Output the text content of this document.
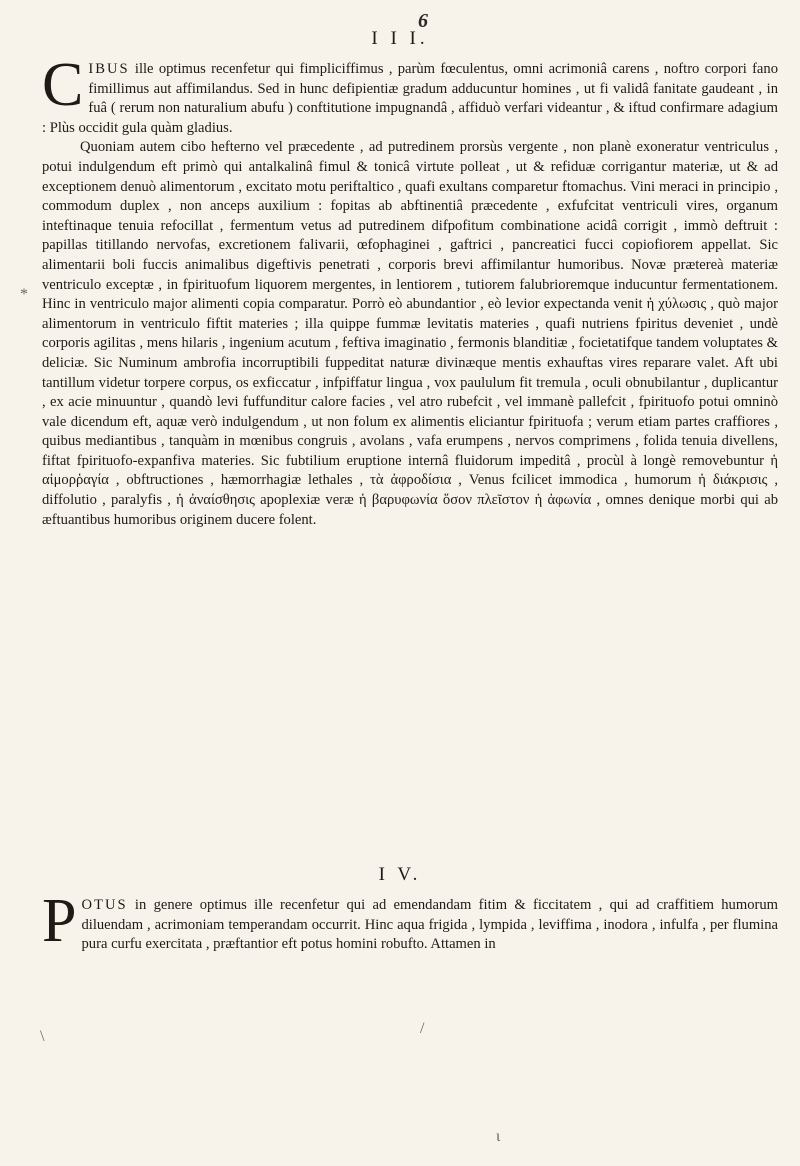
6
I I I.

CIBUS ille optimus recenfetur qui fimpliciffimus , parùm fœculentus, omni acrimoniâ carens , noftro corpori fano fimillimus aut affimilandus. Sed in hunc defipientiæ gradum adducuntur homines , ut fi validâ fanitate gaudeant , in fuâ ( rerum non naturalium abufu ) conftitutione impugnandâ , affiduò verfari videantur , & iftud confirmare adagium : Plùs occidit gula quàm gladius.

Quoniam autem cibo hefterno vel præcedente , ad putredinem prorsùs vergente , non planè exoneratur ventriculus , potui indulgendum eft primò qui antalkalinâ fimul & tonicâ virtute polleat , ut & refiduæ corrigantur materiæ, ut & ad exceptionem denuò alimentorum , excitato motu periftaltico , quafi exultans comparetur ftomachus. Vini meraci in principio , commodum duplex , non anceps auxilium : fopitas ab abftinentiâ præcedente , exfufcitat ventriculi vires, organum inteftinaque tenuia refocillat , fermentum vetus ad putredinem difpofitum combinatione acidâ corrigit , immò deftruit : papillas titillando nervofas, excretionem falivarii, œfophaginei , gaftrici , pancreatici fucci copiofiorem appellat. Sic alimentarii boli fuccis animalibus digeftivis penetrati , corporis brevi affimilantur humoribus. Novæ prætereà materiæ ventriculo exceptæ , in fpirituofum liquorem mergentes, in lentiorem , tutiorem falubrioremque inducuntur fermentationem. Hinc in ventriculo major alimenti copia comparatur. Porrò eò abundantior , eò levior expectanda venit ἡ χύλωσις , quò major alimentorum in ventriculo fiftit materies ; illa quippe fummæ levitatis materies , quafi nutriens fpiritus deveniet , undè corporis agilitas , mens hilaris , ingenium acutum , feftiva imaginatio , fermonis blanditiæ , focietatifque tandem voluptates & deliciæ. Sic Numinum ambrofia incorruptibili fuppeditat naturæ divinæque mentis exhauftas vires reparare valet. Aft ubi tantillum videtur torpere corpus, os exficcatur , infpiffatur lingua , vox paululum fit tremula , oculi obnubilantur , duplicantur , ex acie minuuntur , quandò levi fuffunditur calore facies , vel atro rubefcit , vel immanè pallefcit , fpirituofo potui omninò vale dicendum eft, aquæ verò indulgendum , ut non folum ex alimentis eliciantur fpirituofa ; verum etiam partes craffiores , quibus mediantibus , tanquàm in mœnibus congruis , avolans , vafa erumpens , nervos comprimens , folida tenuia divellens, fiftat fpirituofo-expanfiva materies. Sic fubtilium eruptione internâ fluidorum impeditâ , procùl à longè removebuntur ἡ αἱμορῥαγία , obftructiones , hæmorrhagiæ lethales , τὰ ἀφροδίσια , Venus fcilicet immodica , humorum ἡ διάκρισις , diffolutio , paralyfis , ἡ ἀναίσθησις apoplexiæ veræ ἡ βαρυφωνία ὅσον πλεῖστον ἡ ἀφωνία , omnes denique morbi qui ab æftuantibus humoribus originem ducere folent.

I V.

POTUS in genere optimus ille recenfetur qui ad emendandam fitim & ficcitatem , qui ad craffitiem humorum diluendam , acrimoniam temperandam occurrit. Hinc aqua frigida , lympida , leviffima , inodora , infulfa , per flumina pura curfu exercitata , præftantior eft potus homini robufto. Attamen in

*
\	/
ι
